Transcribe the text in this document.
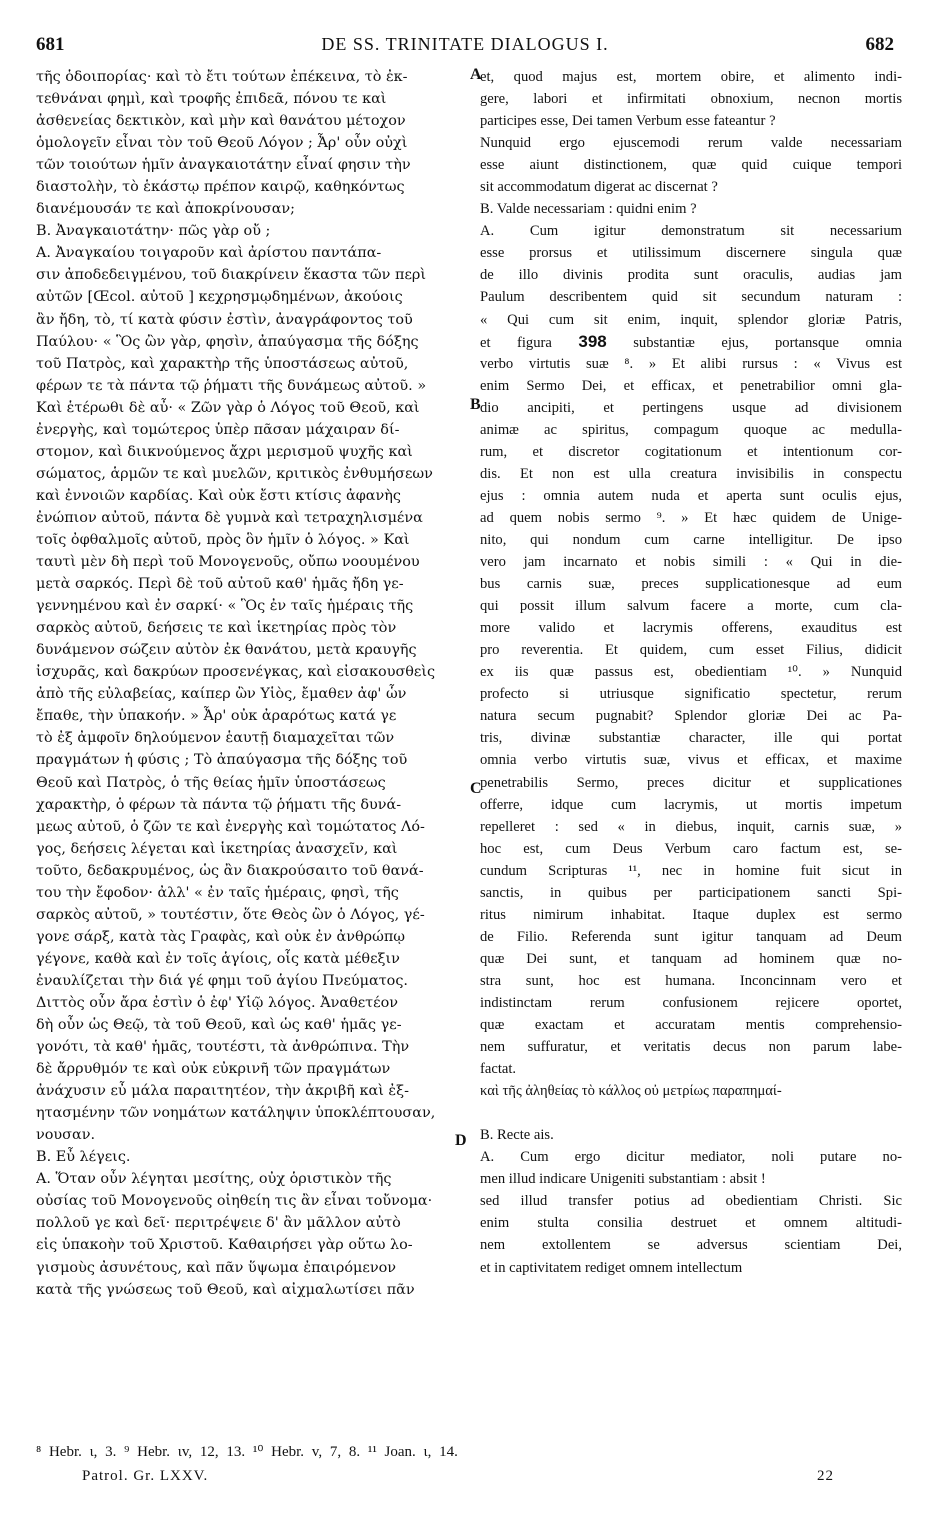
681	DE SS. TRINITATE DIALOGUS I.	682
τῆς ὁδοιπορίας· καὶ τὸ ἔτι τούτων ἐπέκεινα, τὸ ἐκ-
τεθνάναι φημὶ, καὶ τροφῆς ἐπιδεᾶ, πόνου τε καὶ
ἀσθενείας δεκτικὸν, καὶ μὴν καὶ θανάτου μέτοχον
ὁμολογεῖν εἶναι τὸν τοῦ Θεοῦ Λόγον ; Ἆρ' οὖν οὐχὶ
τῶν τοιούτων ἡμῖν ἀναγκαιοτάτην εἶναί φησιν τὴν
διαστολὴν, τὸ ἑκάστῳ πρέπον καιρῷ, καθηκόντως
διανέμουσάν τε καὶ ἀποκρίνουσαν;
B. Ἀναγκαιοτάτην· πῶς γὰρ οὔ ;
A. Ἀναγκαίου τοιγαροῦν καὶ ἀρίστου παντάπα-
σιν ἀποδεδειγμένου, τοῦ διακρίνειν ἕκαστα τῶν περὶ
αὐτῶν [Œcol. αὐτοῦ ] κεχρησμῳδημένων, ἀκούοις
ἂν ἤδη, τὸ, τί κατὰ φύσιν ἐστὶν, ἀναγράφοντος τοῦ
Παύλου· « Ὃς ὢν γὰρ, φησὶν, ἀπαύγασμα τῆς δόξης
τοῦ Πατρὸς, καὶ χαρακτὴρ τῆς ὑποστάσεως αὐτοῦ,
φέρων τε τὰ πάντα τῷ ῥήματι τῆς δυνάμεως αὐτοῦ. »
Καὶ ἑτέρωθι δὲ αὖ· « Ζῶν γὰρ ὁ Λόγος τοῦ Θεοῦ, καὶ
ἐνεργὴς, καὶ τομώτερος ὑπὲρ πᾶσαν μάχαιραν δί-
στομον, καὶ διικνούμενος ἄχρι μερισμοῦ ψυχῆς καὶ
σώματος, ἁρμῶν τε καὶ μυελῶν, κριτικὸς ἐνθυμήσεων
καὶ ἐννοιῶν καρδίας. Καὶ οὐκ ἔστι κτίσις ἀφανὴς
ἐνώπιον αὐτοῦ, πάντα δὲ γυμνὰ καὶ τετραχηλισμένα
τοῖς ὀφθαλμοῖς αὐτοῦ, πρὸς ὃν ἡμῖν ὁ λόγος. » Καὶ
ταυτὶ μὲν δὴ περὶ τοῦ Μονογενοῦς, οὔπω νοουμένου
μετὰ σαρκός. Περὶ δὲ τοῦ αὐτοῦ καθ' ἡμᾶς ἤδη γε-
γεννημένου καὶ ἐν σαρκί· « Ὃς ἐν ταῖς ἡμέραις τῆς
σαρκὸς αὐτοῦ, δεήσεις τε καὶ ἱκετηρίας πρὸς τὸν
δυνάμενον σώζειν αὐτὸν ἐκ θανάτου, μετὰ κραυγῆς
ἰσχυρᾶς, καὶ δακρύων προσενέγκας, καὶ εἰσακουσθεὶς
ἀπὸ τῆς εὐλαβείας, καίπερ ὢν Υἱὸς, ἔμαθεν ἀφ' ὧν
ἔπαθε, τὴν ὑπακοήν. » Ἆρ' οὐκ ἀραρότως κατά γε
τὸ ἐξ ἀμφοῖν δηλούμενον ἑαυτῇ διαμαχεῖται τῶν
πραγμάτων ἡ φύσις ; Τὸ ἀπαύγασμα τῆς δόξης τοῦ
Θεοῦ καὶ Πατρὸς, ὁ τῆς θείας ἡμῖν ὑποστάσεως
χαρακτὴρ, ὁ φέρων τὰ πάντα τῷ ῥήματι τῆς δυνά-
μεως αὐτοῦ, ὁ ζῶν τε καὶ ἐνεργὴς καὶ τομώτατος Λό-
γος, δεήσεις λέγεται καὶ ἱκετηρίας ἀνασχεῖν, καὶ
τοῦτο, δεδακρυμένος, ὡς ἂν διακρούσαιτο τοῦ θανά-
του τὴν ἔφοδον· ἀλλ' « ἐν ταῖς ἡμέραις, φησὶ, τῆς
σαρκὸς αὐτοῦ, » τουτέστιν, ὅτε Θεὸς ὢν ὁ Λόγος, γέ-
γονε σάρξ, κατὰ τὰς Γραφὰς, καὶ οὐκ ἐν ἀνθρώπῳ
γέγονε, καθὰ καὶ ἐν τοῖς ἁγίοις, οἷς κατὰ μέθεξιν
ἐναυλίζεται τὴν διά γέ φημι τοῦ ἁγίου Πνεύματος.
Διττὸς οὖν ἄρα ἐστὶν ὁ ἐφ' Υἱῷ λόγος. Ἀναθετέον
δὴ οὖν ὡς Θεῷ, τὰ τοῦ Θεοῦ, καὶ ὡς καθ' ἡμᾶς γε-
γονότι, τὰ καθ' ἡμᾶς, τουτέστι, τὰ ἀνθρώπινα. Τὴν
δὲ ἄρρυθμόν τε καὶ οὐκ εὐκρινῆ τῶν πραγμάτων
ἀνάχυσιν εὖ μάλα παραιτητέον, τὴν ἀκριβῆ καὶ ἐξ-
ητασμένην τῶν νοημάτων κατάληψιν ὑποκλέπτουσαν,
νουσαν.
B. Εὖ λέγεις.
A. Ὅταν οὖν λέγηται μεσίτης, οὐχ ὁριστικὸν τῆς
οὐσίας τοῦ Μονογενοῦς οἰηθείη τις ἂν εἶναι τοὔνομα·
πολλοῦ γε καὶ δεῖ· περιτρέψειε δ' ἂν μᾶλλον αὐτὸ
εἰς ὑπακοὴν τοῦ Χριστοῦ. Καθαιρήσει γὰρ οὕτω λο-
γισμοὺς ἀσυνέτους, καὶ πᾶν ὕψωμα ἐπαιρόμενον
κατὰ τῆς γνώσεως τοῦ Θεοῦ, καὶ αἰχμαλωτίσει πᾶν
et, quod majus est, mortem obire, et alimento indi-
gere, labori et infirmitati obnoxium, necnon mortis
participes esse, Dei tamen Verbum esse fateantur ?
Nunquid ergo ejuscemodi rerum valde necessariam
esse aiunt distinctionem, quæ quid cuique tempori
sit accommodatum digerat ac discernat ?
B. Valde necessariam : quidni enim ?
A. Cum igitur demonstratum sit necessarium
esse prorsus et utilissimum discernere singula quæ
de illo divinis prodita sunt oraculis, audias jam
Paulum describentem quid sit secundum naturam :
« Qui cum sit enim, inquit, splendor gloriæ Patris,
et figura 398 substantiæ ejus, portansque omnia
verbo virtutis suæ ⁸. » Et alibi rursus : « Vivus est
enim Sermo Dei, et efficax, et penetrabilior omni gla-
dio ancipiti, et pertingens usque ad divisionem
animæ ac spiritus, compagum quoque ac medulla-
rum, et discretor cogitationum et intentionum cor-
dis. Et non est ulla creatura invisibilis in conspectu
ejus : omnia autem nuda et aperta sunt oculis ejus,
ad quem nobis sermo ⁹. » Et hæc quidem de Unige-
nito, qui nondum cum carne intelligitur. De ipso
vero jam incarnato et nobis simili : « Qui in die-
bus carnis suæ, preces supplicationesque ad eum
qui possit illum salvum facere a morte, cum cla-
more valido et lacrymis offerens, exauditus est
pro reverentia. Et quidem, cum esset Filius, didicit
ex iis quæ passus est, obedientiam ¹⁰. » Nunquid
profecto si utriusque significatio spectetur, rerum
natura secum pugnabit? Splendor gloriæ Dei ac Pa-
tris, divinæ substantiæ character, ille qui portat
omnia verbo virtutis suæ, vivus et efficax, et maxime
penetrabilis Sermo, preces dicitur et supplicationes
offerre, idque cum lacrymis, ut mortis impetum
repelleret : sed « in diebus, inquit, carnis suæ, »
hoc est, cum Deus Verbum caro factum est, se-
cundum Scripturas ¹¹, nec in homine fuit sicut in
sanctis, in quibus per participationem sancti Spi-
ritus nimirum inhabitat. Itaque duplex est sermo
de Filio. Referenda sunt igitur tanquam ad Deum
quæ Dei sunt, et tanquam ad hominem quæ no-
stra sunt, hoc est humana. Inconcinnam vero et
indistinctam rerum confusionem rejicere oportet,
quæ exactam et accuratam mentis comprehensio-
nem suffuratur, et veritatis decus non parum labe-
factat.
καὶ τῆς ἀληθείας τὸ κάλλος οὐ μετρίως παραπημαί-
B. Recte ais.
A. Cum ergo dicitur mediator, noli putare no-
men illud indicare Unigeniti substantiam : absit !
sed illud transfer potius ad obedientiam Christi. Sic
enim stulta consilia destruet et omnem altitudi-
nem extollentem se adversus scientiam Dei,
et in captivitatem rediget omnem intellectum
A
B
C
D
⁸ Hebr. ι, 3. ⁹ Hebr. ιv, 12, 13. ¹⁰ Hebr. v, 7, 8. ¹¹ Joan. ι, 14.
Patrol. Gr. LXXV.	22
